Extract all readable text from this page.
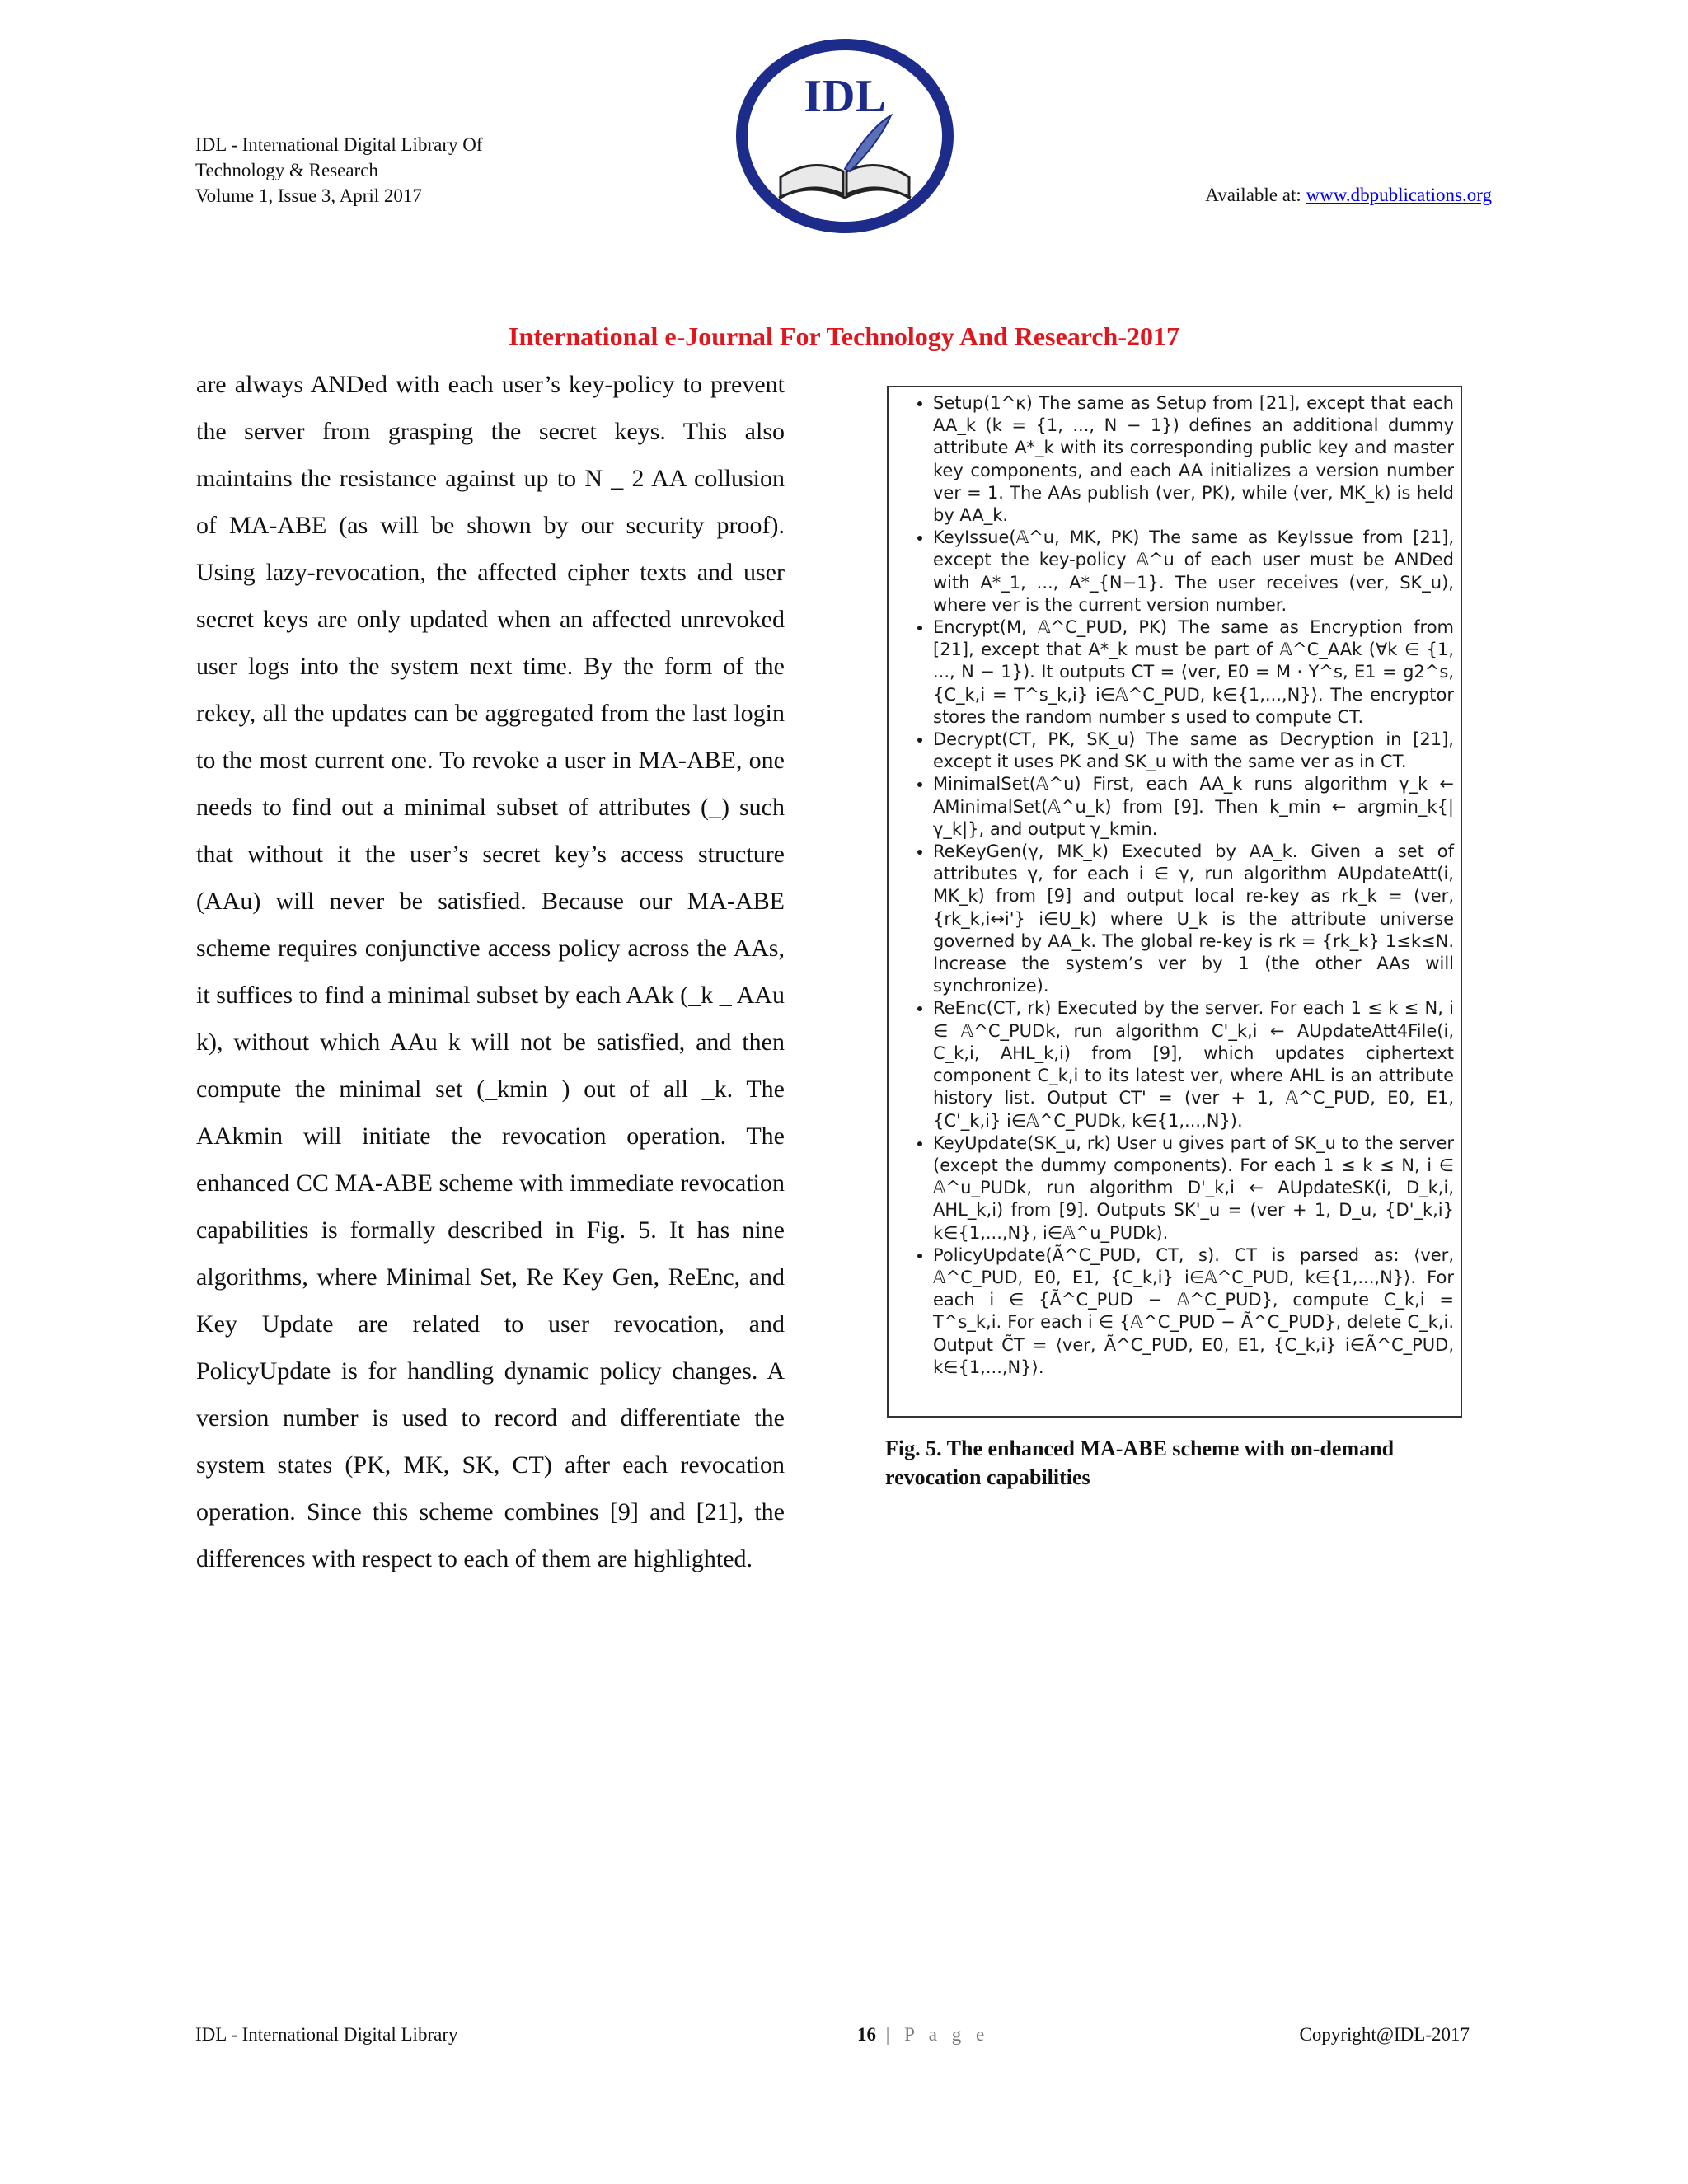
IDL - International Digital Library Of
Technology & Research
Volume 1, Issue 3, April 2017
IDL
Available at: www.dbpublications.org
International e-Journal For Technology And Research-2017

are always ANDed with each user’s key-policy to prevent the server from grasping the secret keys. This also maintains the resistance against up to N _ 2 AA collusion of MA-ABE (as will be shown by our security proof). Using lazy-revocation, the affected cipher texts and user secret keys are only updated when an affected unrevoked user logs into the system next time. By the form of the rekey, all the updates can be aggregated from the last login to the most current one. To revoke a user in MA-ABE, one needs to find out a minimal subset of attributes (_) such that without it the user’s secret key’s access structure (AAu) will never be satisfied. Because our MA-ABE scheme requires conjunctive access policy across the AAs, it suffices to find a minimal subset by each AAk (_k _ AAu k), without which AAu k will not be satisfied, and then compute the minimal set (_kmin ) out of all _k. The AAkmin will initiate the revocation operation. The enhanced CC MA-ABE scheme with immediate revocation capabilities is formally described in Fig. 5. It has nine algorithms, where Minimal Set, Re Key Gen, ReEnc, and Key Update are related to user revocation, and PolicyUpdate is for handling dynamic policy changes. A version number is used to record and differentiate the system states (PK, MK, SK, CT) after each revocation operation. Since this scheme combines [9] and [21], the differences with respect to each of them are highlighted.

• Setup(1^κ) The same as Setup from [21], except that each AA_k (k = {1, ..., N − 1}) defines an additional dummy attribute A*_k with its corresponding public key and master key components, and each AA initializes a version number ver = 1. The AAs publish (ver, PK), while (ver, MK_k) is held by AA_k.
• KeyIssue(𝔸^u, MK, PK) The same as KeyIssue from [21], except the key-policy 𝔸^u of each user must be ANDed with A*_1, ..., A*_{N−1}. The user receives (ver, SK_u), where ver is the current version number.
• Encrypt(M, 𝔸^C_PUD, PK) The same as Encryption from [21], except that A*_k must be part of 𝔸^C_AAk (∀k ∈ {1, ..., N − 1}). It outputs CT = ⟨ver, E0 = M · Y^s, E1 = g2^s, {C_k,i = T^s_k,i} i∈𝔸^C_PUD, k∈{1,...,N}⟩. The encryptor stores the random number s used to compute CT.
• Decrypt(CT, PK, SK_u) The same as Decryption in [21], except it uses PK and SK_u with the same ver as in CT.
• MinimalSet(𝔸^u) First, each AA_k runs algorithm γ_k ← AMinimalSet(𝔸^u_k) from [9]. Then k_min ← argmin_k{|γ_k|}, and output γ_kmin.
• ReKeyGen(γ, MK_k) Executed by AA_k. Given a set of attributes γ, for each i ∈ γ, run algorithm AUpdateAtt(i, MK_k) from [9] and output local re-key as rk_k = (ver, {rk_k,i↔i'} i∈U_k) where U_k is the attribute universe governed by AA_k. The global re-key is rk = {rk_k} 1≤k≤N. Increase the system’s ver by 1 (the other AAs will synchronize).
• ReEnc(CT, rk) Executed by the server. For each 1 ≤ k ≤ N, i ∈ 𝔸^C_PUDk, run algorithm C'_k,i ← AUpdateAtt4File(i, C_k,i, AHL_k,i) from [9], which updates ciphertext component C_k,i to its latest ver, where AHL is an attribute history list. Output CT' = (ver + 1, 𝔸^C_PUD, E0, E1, {C'_k,i} i∈𝔸^C_PUDk, k∈{1,...,N}).
• KeyUpdate(SK_u, rk) User u gives part of SK_u to the server (except the dummy components). For each 1 ≤ k ≤ N, i ∈ 𝔸^u_PUDk, run algorithm D'_k,i ← AUpdateSK(i, D_k,i, AHL_k,i) from [9]. Outputs SK'_u = (ver + 1, D_u, {D'_k,i} k∈{1,...,N}, i∈𝔸^u_PUDk).
• PolicyUpdate(Ã^C_PUD, CT, s). CT is parsed as: ⟨ver, 𝔸^C_PUD, E0, E1, {C_k,i} i∈𝔸^C_PUD, k∈{1,...,N}⟩. For each i ∈ {Ã^C_PUD − 𝔸^C_PUD}, compute C_k,i = T^s_k,i. For each i ∈ {𝔸^C_PUD − Ã^C_PUD}, delete C_k,i. Output C̃T = ⟨ver, Ã^C_PUD, E0, E1, {C_k,i} i∈Ã^C_PUD, k∈{1,...,N}⟩.
Fig. 5. The enhanced MA-ABE scheme with on-demand revocation capabilities
IDL - International Digital Library	16 | P a g e	Copyright@IDL-2017
